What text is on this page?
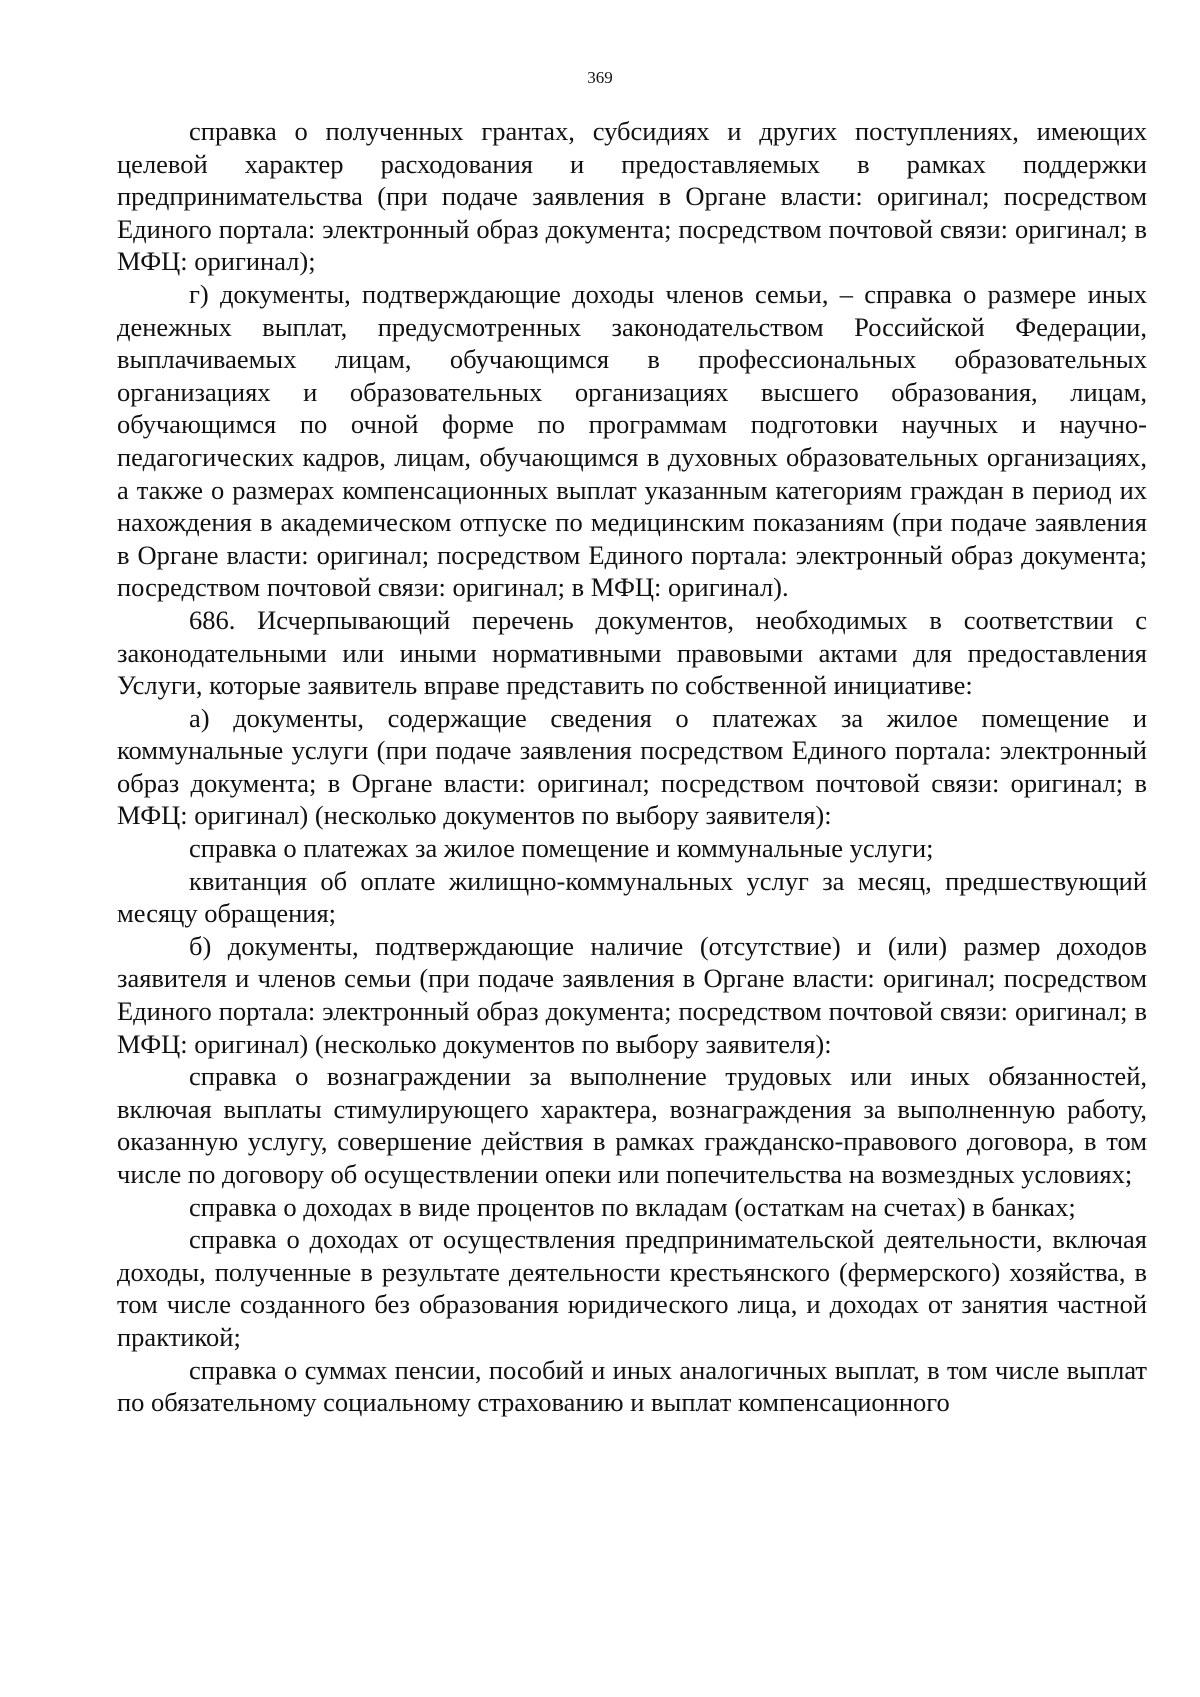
369

справка о полученных грантах, субсидиях и других поступлениях, имеющих целевой характер расходования и предоставляемых в рамках поддержки предпринимательства (при подаче заявления в Органе власти: оригинал; посредством Единого портала: электронный образ документа; посредством почтовой связи: оригинал; в МФЦ: оригинал);

г) документы, подтверждающие доходы членов семьи, – справка о размере иных денежных выплат, предусмотренных законодательством Российской Федерации, выплачиваемых лицам, обучающимся в профессиональных образовательных организациях и образовательных организациях высшего образования, лицам, обучающимся по очной форме по программам подготовки научных и научно-педагогических кадров, лицам, обучающимся в духовных образовательных организациях, а также о размерах компенсационных выплат указанным категориям граждан в период их нахождения в академическом отпуске по медицинским показаниям (при подаче заявления в Органе власти: оригинал; посредством Единого портала: электронный образ документа; посредством почтовой связи: оригинал; в МФЦ: оригинал).

686. Исчерпывающий перечень документов, необходимых в соответствии с законодательными или иными нормативными правовыми актами для предоставления Услуги, которые заявитель вправе представить по собственной инициативе:

а) документы, содержащие сведения о платежах за жилое помещение и коммунальные услуги (при подаче заявления посредством Единого портала: электронный образ документа; в Органе власти: оригинал; посредством почтовой связи: оригинал; в МФЦ: оригинал) (несколько документов по выбору заявителя):

справка о платежах за жилое помещение и коммунальные услуги;

квитанция об оплате жилищно-коммунальных услуг за месяц, предшествующий месяцу обращения;

б) документы, подтверждающие наличие (отсутствие) и (или) размер доходов заявителя и членов семьи (при подаче заявления в Органе власти: оригинал; посредством Единого портала: электронный образ документа; посредством почтовой связи: оригинал; в МФЦ: оригинал) (несколько документов по выбору заявителя):

справка о вознаграждении за выполнение трудовых или иных обязанностей, включая выплаты стимулирующего характера, вознаграждения за выполненную работу, оказанную услугу, совершение действия в рамках гражданско-правового договора, в том числе по договору об осуществлении опеки или попечительства на возмездных условиях;

справка о доходах в виде процентов по вкладам (остаткам на счетах) в банках;

справка о доходах от осуществления предпринимательской деятельности, включая доходы, полученные в результате деятельности крестьянского (фермерского) хозяйства, в том числе созданного без образования юридического лица, и доходах от занятия частной практикой;

справка о суммах пенсии, пособий и иных аналогичных выплат, в том числе выплат по обязательному социальному страхованию и выплат компенсационного
